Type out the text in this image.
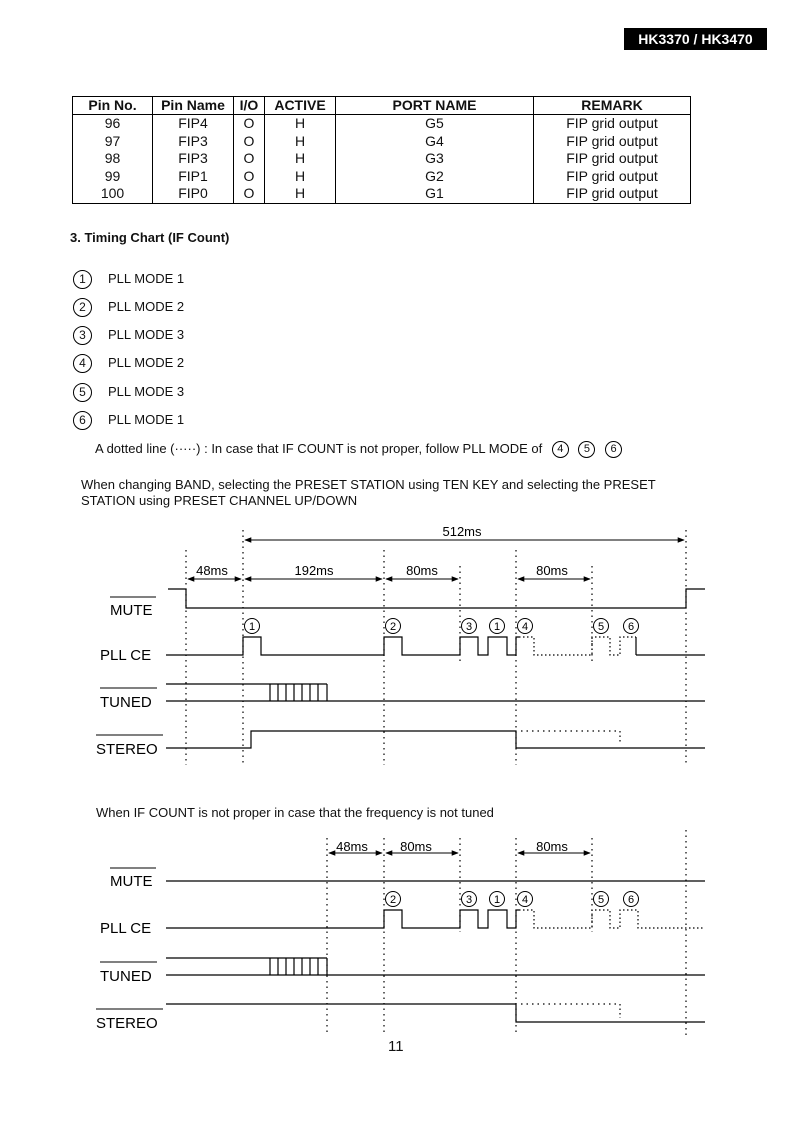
HK3370 / HK3470
Pin No.	Pin Name	I/O	ACTIVE	PORT NAME	REMARK
96	FIP4	O	H	G5	FIP grid output
97	FIP3	O	H	G4	FIP grid output
98	FIP3	O	H	G3	FIP grid output
99	FIP1	O	H	G2	FIP grid output
100	FIP0	O	H	G1	FIP grid output
3. Timing Chart (IF Count)
1	PLL MODE 1
2	PLL MODE 2
3	PLL MODE 3
4	PLL MODE 2
5	PLL MODE 3
6	PLL MODE 1
A dotted line (·····) : In case that IF COUNT is not proper, follow PLL MODE of 4 5 6
When changing BAND, selecting the PRESET STATION using TEN KEY and selecting the PRESET STATION using PRESET CHANNEL UP/DOWN
When IF COUNT is not proper in case that the frequency is not tuned
512ms
48ms	192ms	80ms	80ms
MUTE
PLL CE
TUNED
STEREO
1	2	3 1 4	5 6
48ms 80ms	80ms
MUTE
PLL CE
TUNED
STEREO
2	3 1 4	5 6
11
